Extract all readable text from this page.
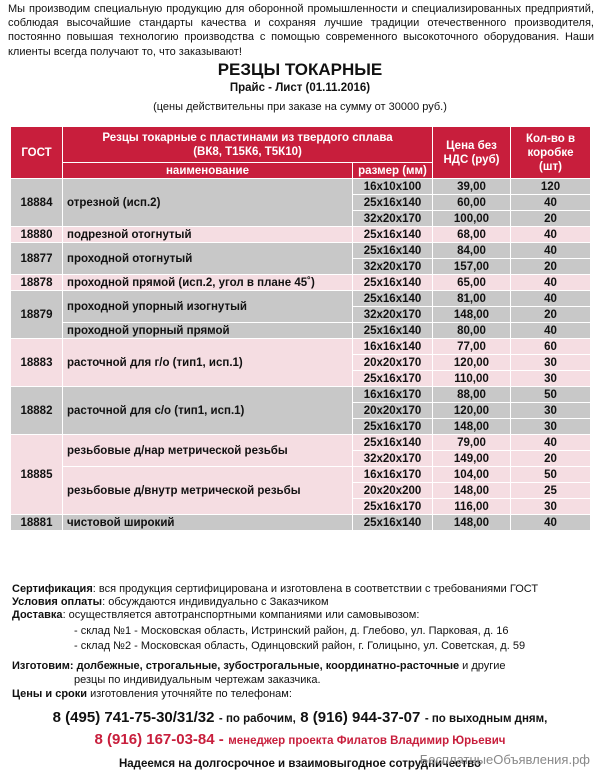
Мы производим специальную продукцию для оборонной промышленности и специализированных предприятий, соблюдая высочайшие стандарты качества и сохраняя лучшие традиции отечественного производителя, постоянно повышая технологию производства с помощью современного высокоточного оборудования. Наши клиенты всегда получают то, что заказывают!
РЕЗЦЫ ТОКАРНЫЕ
Прайс - Лист (01.11.2016)
(цены действительны при заказе на сумму от 30000 руб.)
ГОСТ	Резцы токарные с пластинами из твердого сплава
(ВК8, Т15К6, Т5К10)		Цена без НДС (руб)	Кол-во в коробке (шт)
	наименование	размер (мм)		
18884	отрезной (исп.2)	16x10x100	39,00	120
		25x16x140	60,00	40
		32x20x170	100,00	20
18880	подрезной отогнутый	25x16x140	68,00	40
18877	проходной отогнутый	25x16x140	84,00	40
		32x20x170	157,00	20
18878	проходной прямой (исп.2, угол в плане 45˚)	25x16x140	65,00	40
18879	проходной упорный изогнутый	25x16x140	81,00	40
		32x20x170	148,00	20
	проходной упорный прямой	25x16x140	80,00	40
18883	расточной для г/о (тип1, исп.1)	16x16x140	77,00	60
		20x20x170	120,00	30
		25x16x170	110,00	30
18882	расточной для с/о (тип1, исп.1)	16x16x170	88,00	50
		20x20x170	120,00	30
		25x16x170	148,00	30
18885	резьбовые д/нар метрической резьбы	25x16x140	79,00	40
		32x20x170	149,00	20
	резьбовые д/внутр метрической резьбы	16x16x170	104,00	50
		20x20x200	148,00	25
		25x16x170	116,00	30
18881	чистовой широкий	25x16x140	148,00	40
Сертификация: вся продукция сертифицирована и изготовлена в соответствии с требованиями ГОСТ
Условия оплаты: обсуждаются индивидуально с Заказчиком
Доставка: осуществляется автотранспортными компаниями или самовывозом:
- склад №1 - Московская область, Истринский район, д. Глебово, ул. Парковая, д. 16
- склад №2 - Московская область, Одинцовский район, г. Голицыно, ул. Советская, д. 59
Изготовим: долбежные, строгальные, зубострогальные, координатно-расточные и другие
резцы по индивидуальным чертежам заказчика.
Цены и сроки изготовления уточняйте по телефонам:
8 (495) 741-75-30/31/32 - по рабочим, 8 (916) 944-37-07 - по выходным дням,
8 (916) 167-03-84 - менеджер проекта Филатов Владимир Юрьевич
Надеемся на долгосрочное и взаимовыгодное сотрудничество
БесплатныеОбъявления.рф
